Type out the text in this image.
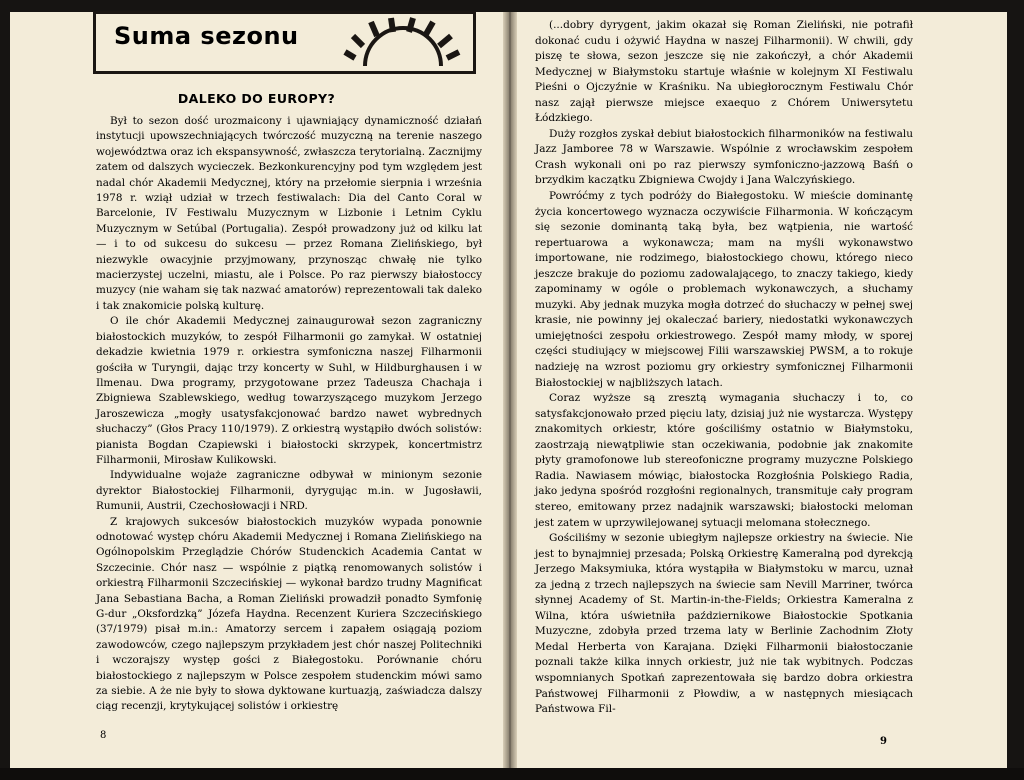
Suma sezonu
DALEKO DO EUROPY?

Był to sezon dość urozmaicony i ujawniający dynamiczność działań instytucji upowszechniających twórczość muzyczną na terenie naszego województwa oraz ich ekspansywność, zwłaszcza terytorialną. Zacznijmy zatem od dalszych wycieczek. Bezkonkurencyjny pod tym względem jest nadal chór Akademii Medycznej, który na przełomie sierpnia i września 1978 r. wziął udział w trzech festiwalach: Dia del Canto Coral w Barcelonie, IV Festiwalu Muzycznym w Lizbonie i Letnim Cyklu Muzycznym w Setúbal (Portugalia). Zespół prowadzony już od kilku lat — i to od sukcesu do sukcesu — przez Romana Zielińskiego, był niezwykle owacyjnie przyjmowany, przynosząc chwałę nie tylko macierzystej uczelni, miastu, ale i Polsce. Po raz pierwszy białostoccy muzycy (nie waham się tak nazwać amatorów) reprezentowali tak daleko i tak znakomicie polską kulturę.

O ile chór Akademii Medycznej zainaugurował sezon zagraniczny białostockich muzyków, to zespół Filharmonii go zamykał. W ostatniej dekadzie kwietnia 1979 r. orkiestra symfoniczna naszej Filharmonii gościła w Turyngii, dając trzy koncerty w Suhl, w Hildburghausen i w Ilmenau. Dwa programy, przygotowane przez Tadeusza Chachaja i Zbigniewa Szablewskiego, według towarzyszącego muzykom Jerzego Jaroszewicza „mogły usatysfakcjonować bardzo nawet wybrednych słuchaczy” (Głos Pracy 110/1979). Z orkiestrą wystąpiło dwóch solistów: pianista Bogdan Czapiewski i białostocki skrzypek, koncertmistrz Filharmonii, Mirosław Kulikowski.

Indywidualne wojaże zagraniczne odbywał w minionym sezonie dyrektor Białostockiej Filharmonii, dyrygując m.in. w Jugosławii, Rumunii, Austrii, Czechosłowacji i NRD.

Z krajowych sukcesów białostockich muzyków wypada ponownie odnotować występ chóru Akademii Medycznej i Romana Zielińskiego na Ogólnopolskim Przeglądzie Chórów Studenckich Academia Cantat w Szczecinie. Chór nasz — wspólnie z piątką renomowanych solistów i orkiestrą Filharmonii Szczecińskiej — wykonał bardzo trudny Magnificat Jana Sebastiana Bacha, a Roman Zieliński prowadził ponadto Symfonię G-dur „Oksfordzką” Józefa Haydna. Recenzent Kuriera Szczecińskiego (37/1979) pisał m.in.: Amatorzy sercem i zapałem osiągają poziom zawodowców, czego najlepszym przykładem jest chór naszej Politechniki i wczorajszy występ gości z Białegostoku. Porównanie chóru białostockiego z najlepszym w Polsce zespołem studenckim mówi samo za siebie. A że nie były to słowa dyktowane kurtuazją, zaświadcza dalszy ciąg recenzji, krytykującej solistów i orkiestrę

(...dobry dyrygent, jakim okazał się Roman Zieliński, nie potrafił dokonać cudu i ożywić Haydna w naszej Filharmonii). W chwili, gdy piszę te słowa, sezon jeszcze się nie zakończył, a chór Akademii Medycznej w Białymstoku startuje właśnie w kolejnym XI Festiwalu Pieśni o Ojczyźnie w Kraśniku. Na ubiegłorocznym Festiwalu Chór nasz zajął pierwsze miejsce exaequo z Chórem Uniwersytetu Łódzkiego.

Duży rozgłos zyskał debiut białostockich filharmoników na festiwalu Jazz Jamboree 78 w Warszawie. Wspólnie z wrocławskim zespołem Crash wykonali oni po raz pierwszy symfoniczno-jazzową Baśń o brzydkim kaczątku Zbigniewa Cwojdy i Jana Walczyńskiego.

Powróćmy z tych podróży do Białegostoku. W mieście dominantę życia koncertowego wyznacza oczywiście Filharmonia. W kończącym się sezonie dominantą taką była, bez wątpienia, nie wartość repertuarowa a wykonawcza; mam na myśli wykonawstwo importowane, nie rodzimego, białostockiego chowu, którego nieco jeszcze brakuje do poziomu zadowalającego, to znaczy takiego, kiedy zapominamy w ogóle o problemach wykonawczych, a słuchamy muzyki. Aby jednak muzyka mogła dotrzeć do słuchaczy w pełnej swej krasie, nie powinny jej okaleczać bariery, niedostatki wykonawczych umiejętności zespołu orkiestrowego. Zespół mamy młody, w sporej części studiujący w miejscowej Filii warszawskiej PWSM, a to rokuje nadzieję na wzrost poziomu gry orkiestry symfonicznej Filharmonii Białostockiej w najbliższych latach.

Coraz wyższe są zresztą wymagania słuchaczy i to, co satysfakcjonowało przed pięciu laty, dzisiaj już nie wystarcza. Występy znakomitych orkiestr, które gościliśmy ostatnio w Białymstoku, zaostrzają niewątpliwie stan oczekiwania, podobnie jak znakomite płyty gramofonowe lub stereofoniczne programy muzyczne Polskiego Radia. Nawiasem mówiąc, białostocka Rozgłośnia Polskiego Radia, jako jedyna spośród rozgłośni regionalnych, transmituje cały program stereo, emitowany przez nadajnik warszawski; białostocki meloman jest zatem w uprzywilejowanej sytuacji melomana stołecznego.

Gościliśmy w sezonie ubiegłym najlepsze orkiestry na świecie. Nie jest to bynajmniej przesada; Polską Orkiestrę Kameralną pod dyrekcją Jerzego Maksymiuka, która wystąpiła w Białymstoku w marcu, uznał za jedną z trzech najlepszych na świecie sam Nevill Marriner, twórca słynnej Academy of St. Martin-in-the-Fields; Orkiestra Kameralna z Wilna, która uświetniła październikowe Białostockie Spotkania Muzyczne, zdobyła przed trzema laty w Berlinie Zachodnim Złoty Medal Herberta von Karajana. Dzięki Filharmonii białostoczanie poznali także kilka innych orkiestr, już nie tak wybitnych. Podczas wspomnianych Spotkań zaprezentowała się bardzo dobra orkiestra Państwowej Filharmonii z Płowdiw, a w następnych miesiącach Państwowa Fil-

8
9
